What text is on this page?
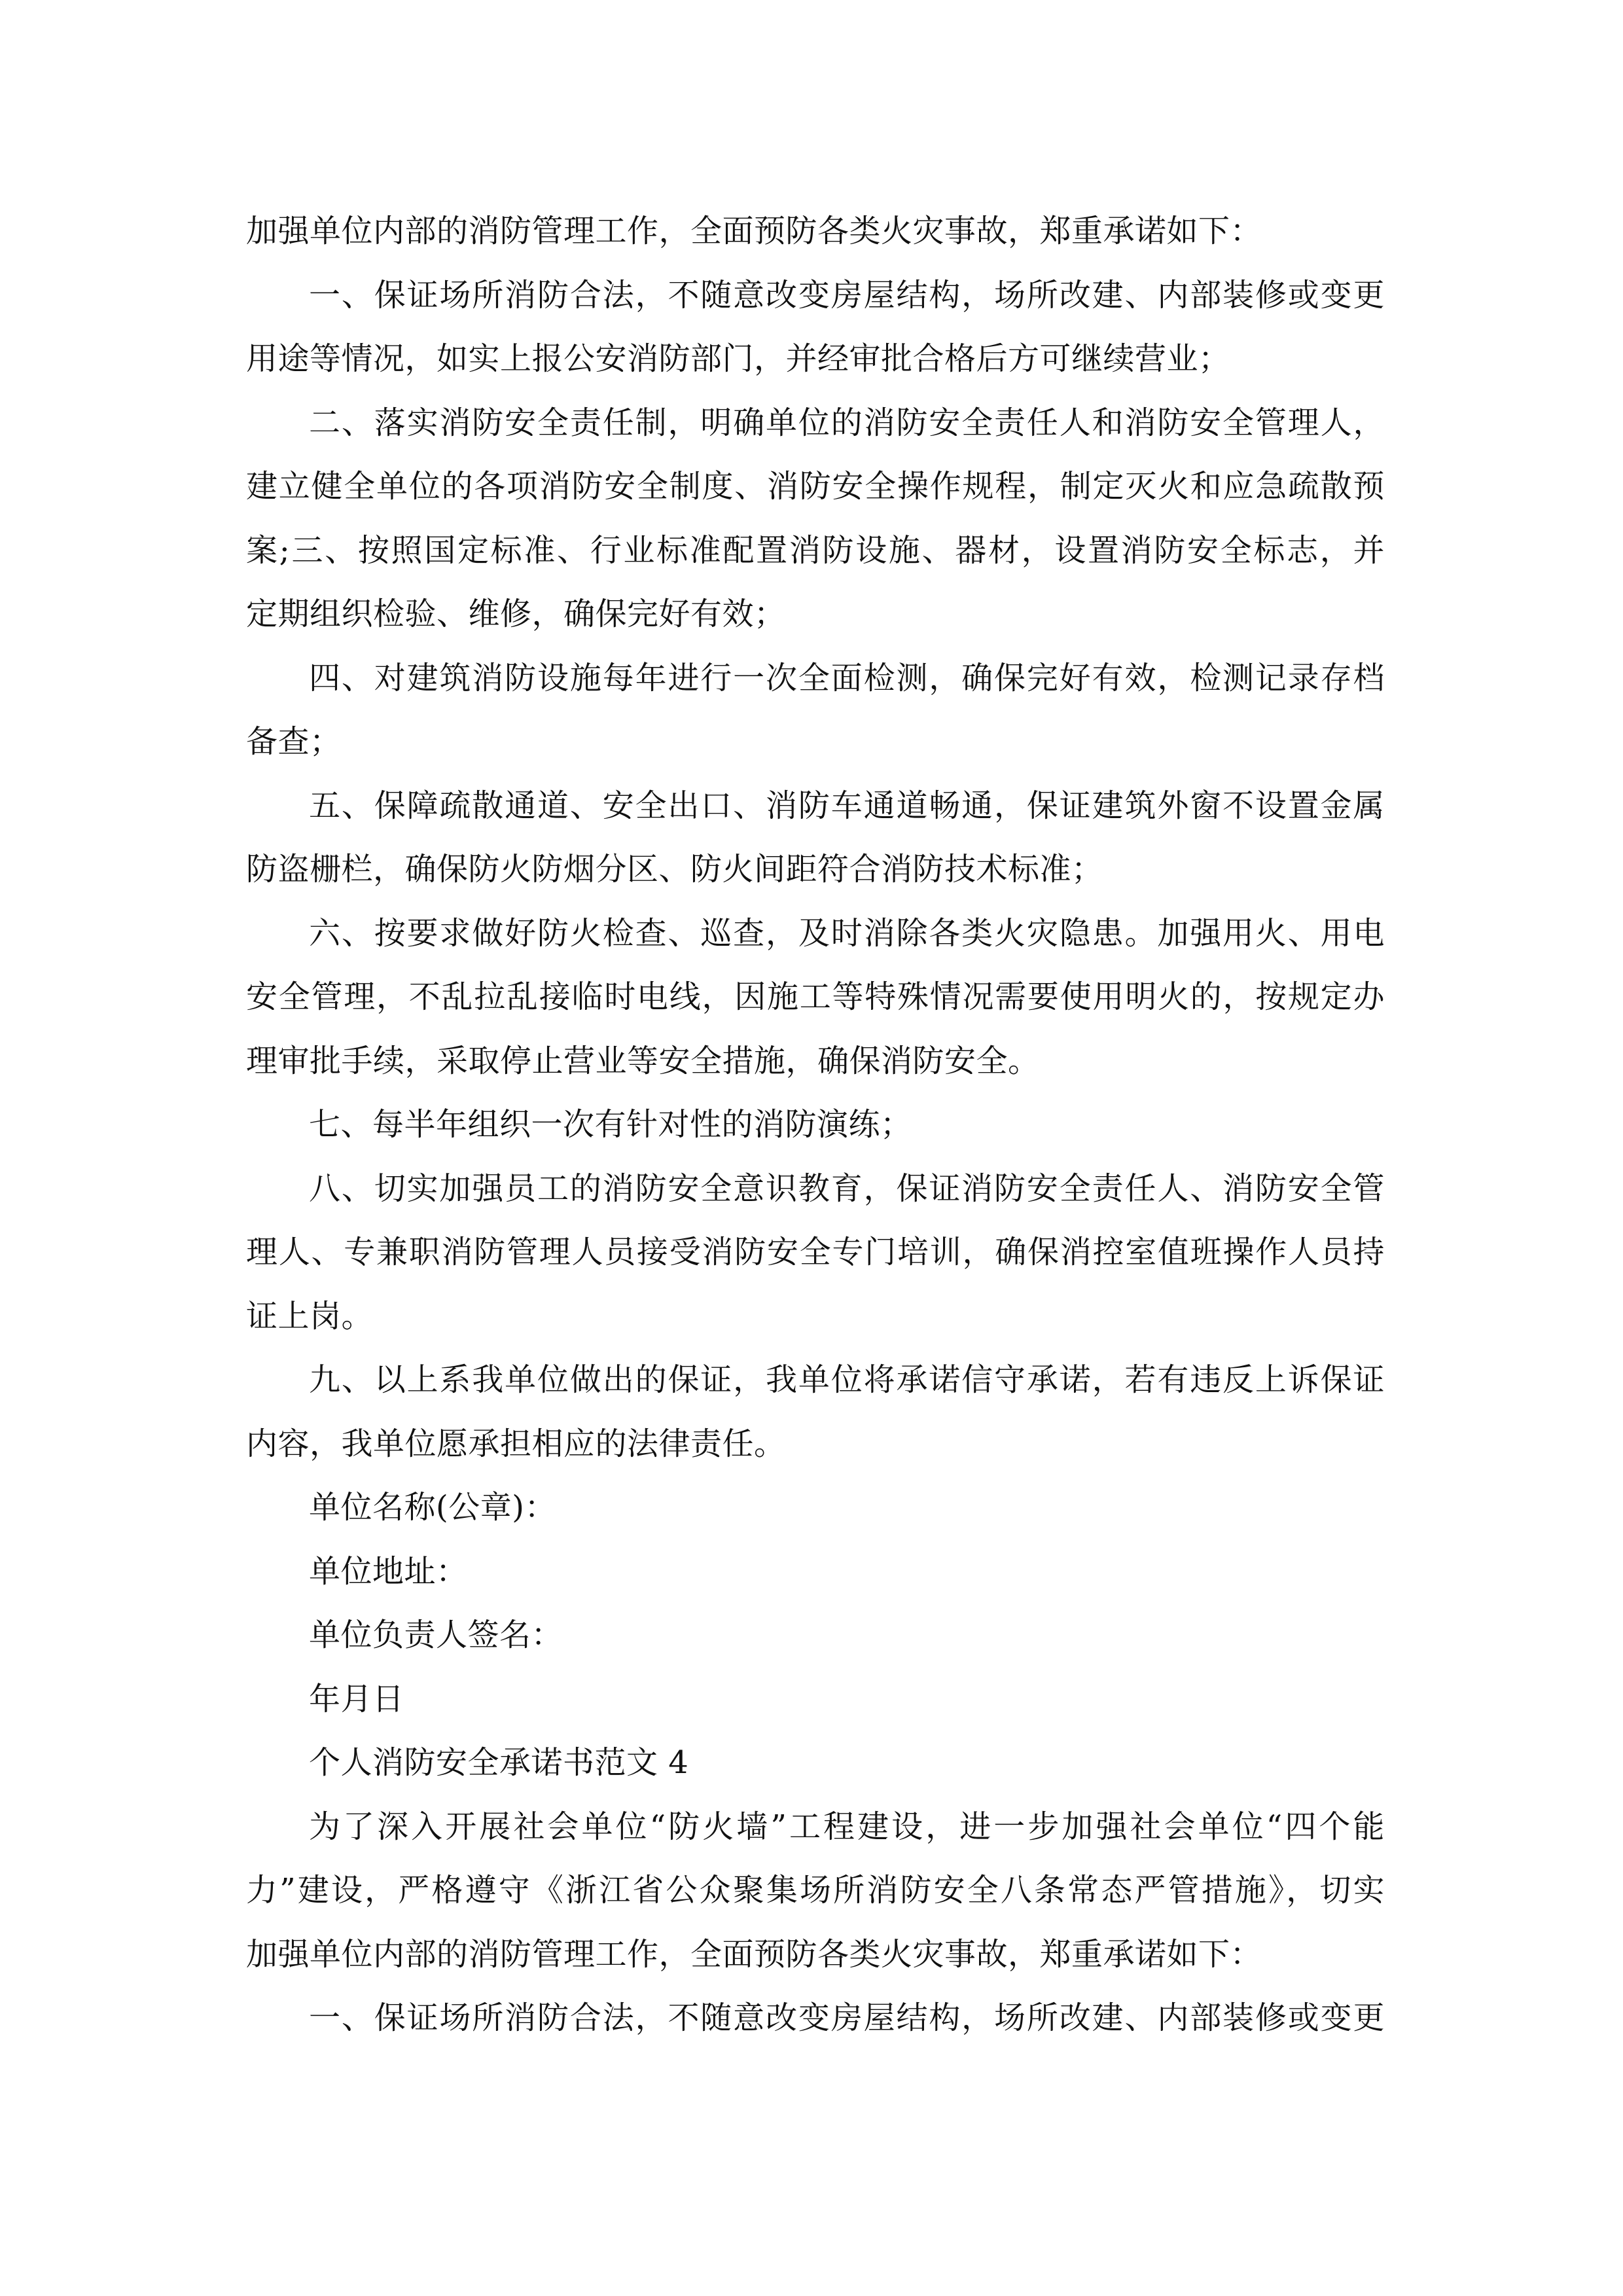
加强单位内部的消防管理工作，全面预防各类火灾事故，郑重承诺如下：
一、保证场所消防合法，不随意改变房屋结构，场所改建、内部装修或变更
用途等情况，如实上报公安消防部门，并经审批合格后方可继续营业；
二、落实消防安全责任制，明确单位的消防安全责任人和消防安全管理人，
建立健全单位的各项消防安全制度、消防安全操作规程，制定灭火和应急疏散预
案;三、按照国定标准、行业标准配置消防设施、器材，设置消防安全标志，并
定期组织检验、维修，确保完好有效；
四、对建筑消防设施每年进行一次全面检测，确保完好有效，检测记录存档
备查；
五、保障疏散通道、安全出口、消防车通道畅通，保证建筑外窗不设置金属
防盗栅栏，确保防火防烟分区、防火间距符合消防技术标准；
六、按要求做好防火检查、巡查，及时消除各类火灾隐患。加强用火、用电
安全管理，不乱拉乱接临时电线，因施工等特殊情况需要使用明火的，按规定办
理审批手续，采取停止营业等安全措施，确保消防安全。
七、每半年组织一次有针对性的消防演练；
八、切实加强员工的消防安全意识教育，保证消防安全责任人、消防安全管
理人、专兼职消防管理人员接受消防安全专门培训，确保消控室值班操作人员持
证上岗。
九、以上系我单位做出的保证，我单位将承诺信守承诺，若有违反上诉保证
内容，我单位愿承担相应的法律责任。
单位名称(公章)：
单位地址：
单位负责人签名：
年月日
个人消防安全承诺书范文 4
为了深入开展社会单位“防火墙”工程建设，进一步加强社会单位“四个能
力”建设，严格遵守《浙江省公众聚集场所消防安全八条常态严管措施》，切实
加强单位内部的消防管理工作，全面预防各类火灾事故，郑重承诺如下：
一、保证场所消防合法，不随意改变房屋结构，场所改建、内部装修或变更
